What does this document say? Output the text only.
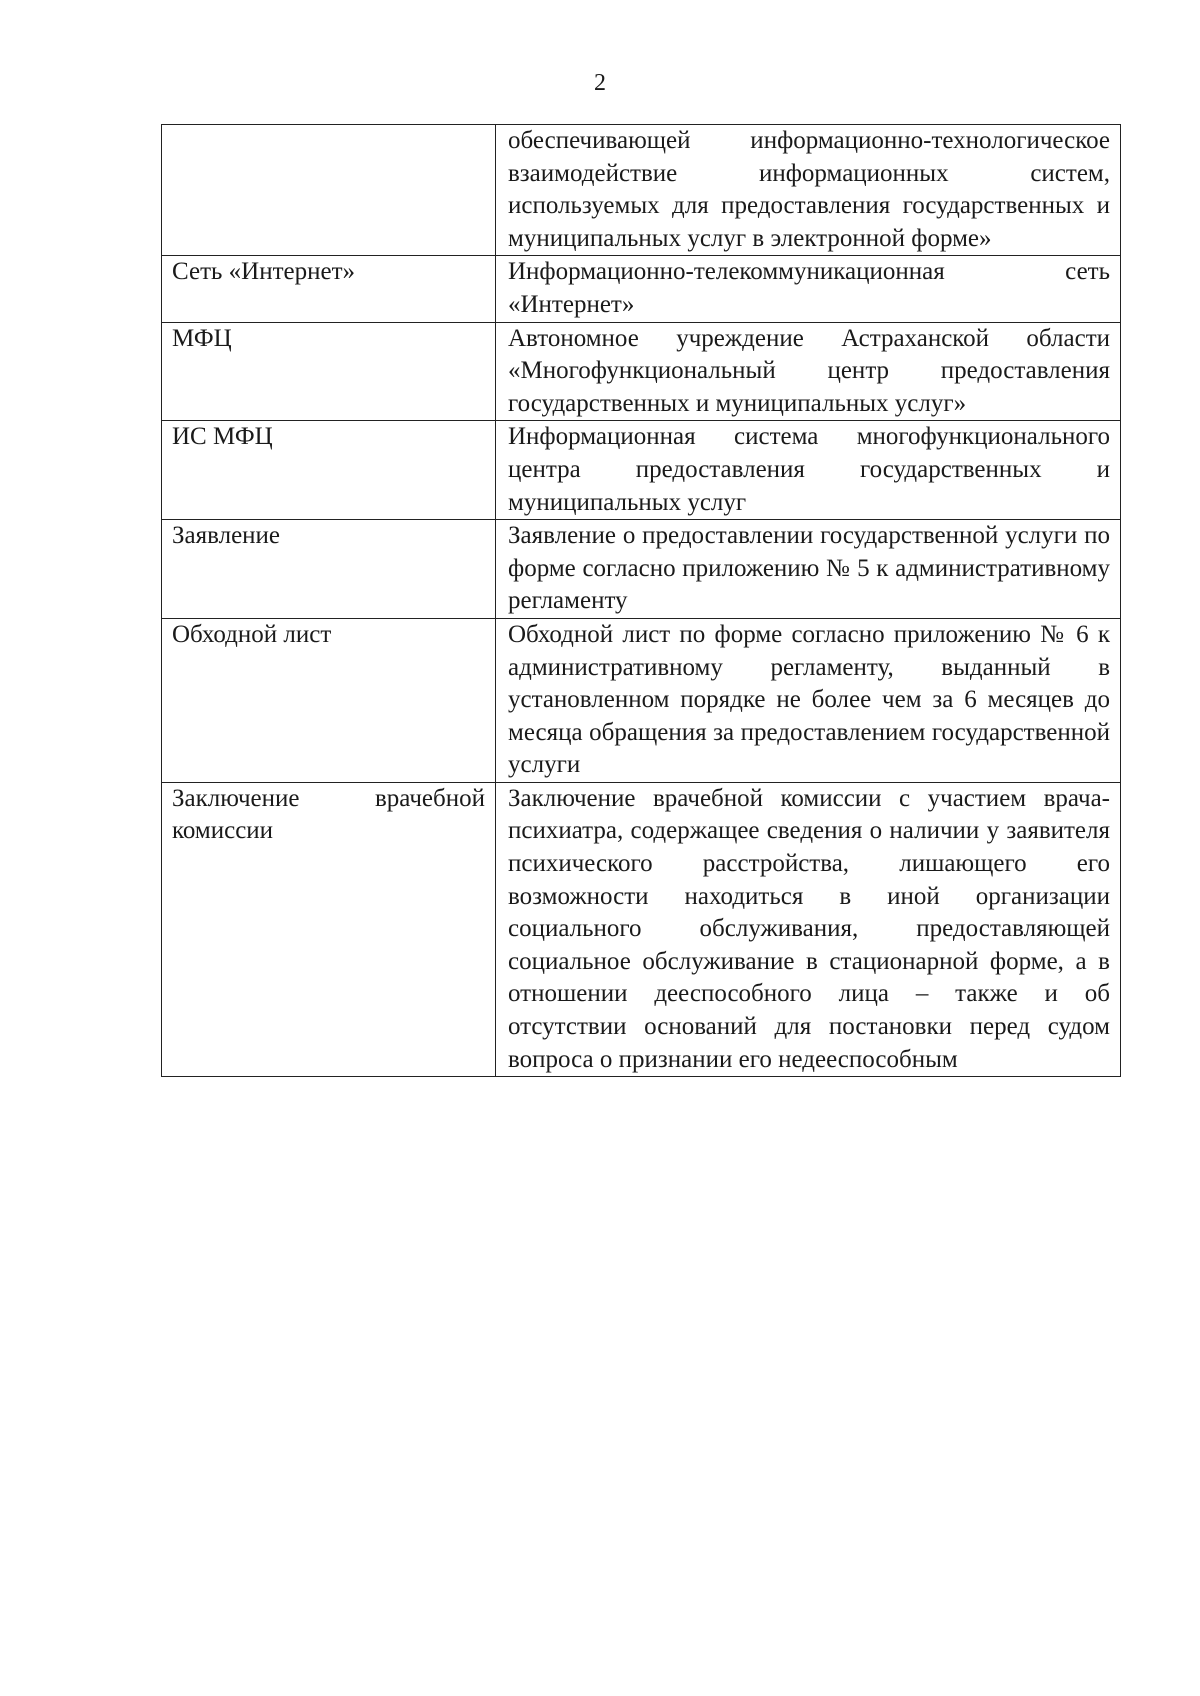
2

	обеспечивающей информационно-технологическое взаимодействие информационных систем, используемых для предоставления государственных и муниципальных услуг в электронной форме»

Сеть «Интернет»	Информационно-телекоммуникационная сеть «Интернет»

МФЦ	Автономное учреждение Астраханской области «Многофункциональный центр предоставления государственных и муниципальных услуг»

ИС МФЦ	Информационная система многофункционального центра предоставления государственных и муниципальных услуг

Заявление	Заявление о предоставлении государственной услуги по форме согласно приложению № 5 к административному регламенту

Обходной лист	Обходной лист по форме согласно приложению № 6 к административному регламенту, выданный в установленном порядке не более чем за 6 месяцев до месяца обращения за предоставлением государственной услуги

Заключение врачебной комиссии	Заключение врачебной комиссии с участием врача-психиатра, содержащее сведения о наличии у заявителя психического расстройства, лишающего его возможности находиться в иной организации социального обслуживания, предоставляющей социальное обслуживание в стационарной форме, а в отношении дееспособного лица – также и об отсутствии оснований для постановки перед судом вопроса о признании его недееспособным
